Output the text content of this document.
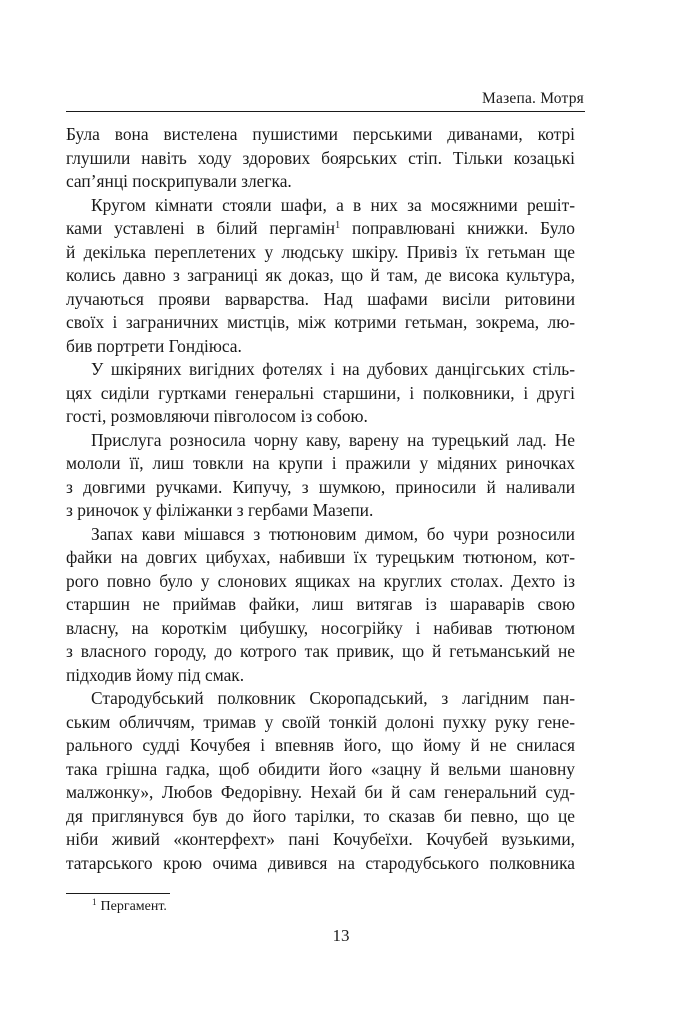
Мазепа. Мотря
Була вона вистелена пушистими перськими диванами, котрі
глушили навіть ходу здорових боярських стіп. Тільки козацькі
сап’янці поскрипували злегка.
Кругом кімнати стояли шафи, а в них за мосяжними решіт-
ками уставлені в білий пергамін$^1$ поправлювані книжки. Було
й декілька переплетених у людську шкіру. Привіз їх гетьман ще
колись давно з заграниці як доказ, що й там, де висока культура,
лучаються прояви варварства. Над шафами висіли ритовини
своїх і заграничних мистців, між котрими гетьман, зокрема, лю-
бив портрети Гондіюса.
У шкіряних вигідних фотелях і на дубових данцігських стіль-
цях сиділи гуртками генеральні старшини, і полковники, і другі
гості, розмовляючи півголосом із собою.
Прислуга розносила чорну каву, варену на турецький лад. Не
мололи її, лиш товкли на крупи і пражили у мідяних риночках
з довгими ручками. Кипучу, з шумкою, приносили й наливали
з риночок у філіжанки з гербами Мазепи.
Запах кави мішався з тютюновим димом, бо чури розносили
файки на довгих цибухах, набивши їх турецьким тютюном, кот-
рого повно було у слонових ящиках на круглих столах. Дехто із
старшин не приймав файки, лиш витягав із шараварів свою
власну, на короткім цибушку, носогрійку і набивав тютюном
з власного городу, до котрого так привик, що й гетьманський не
підходив йому під смак.
Стародубський полковник Скоропадський, з лагідним пан-
ським обличчям, тримав у своїй тонкій долоні пухку руку гене-
рального судді Кочубея і впевняв його, що йому й не снилася
така грішна гадка, щоб обидити його «зацну й вельми шановну
малжонку», Любов Федорівну. Нехай би й сам генеральний суд-
дя приглянувся був до його тарілки, то сказав би певно, що це
ніби живий «контерфехт» пані Кочубеїхи. Кочубей вузькими,
татарського крою очима дивився на стародубського полковника
$^1$ Пергамент.
13
